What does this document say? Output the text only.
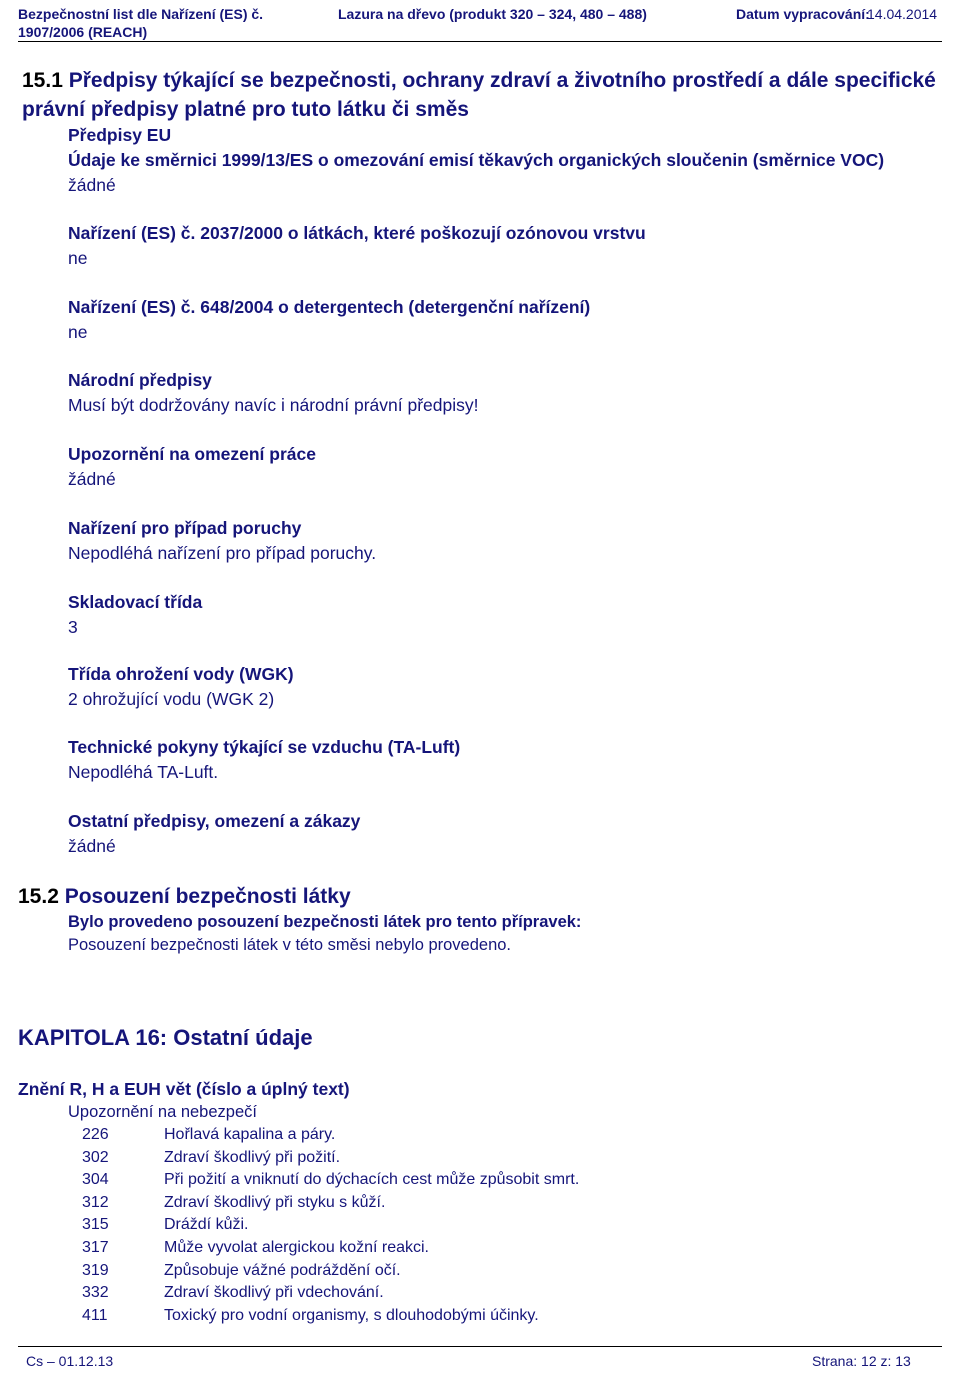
Bezpečnostní list dle Nařízení (ES) č.
1907/2006 (REACH)
Lazura na dřevo (produkt 320 – 324, 480 – 488)	Datum vypracování:
14.04.2014
15.1 Předpisy týkající se bezpečnosti, ochrany zdraví a životního prostředí a dále specifické právní předpisy platné pro tuto látku či směs
Předpisy EU
Údaje ke směrnici 1999/13/ES o omezování emisí těkavých organických sloučenin (směrnice VOC)
žádné
Nařízení (ES) č. 2037/2000 o látkách, které poškozují ozónovou vrstvu
ne
Nařízení (ES) č. 648/2004 o detergentech (detergenční nařízení)
ne
Národní předpisy
Musí být dodržovány navíc i národní právní předpisy!
Upozornění na omezení práce
žádné
Nařízení pro případ poruchy
Nepodléhá nařízení pro případ poruchy.
Skladovací třída
3
Třída ohrožení vody (WGK)
2 ohrožující vodu (WGK 2)
Technické pokyny týkající se vzduchu (TA-Luft)
Nepodléhá TA-Luft.
Ostatní předpisy, omezení a zákazy
žádné
15.2 Posouzení bezpečnosti látky
Bylo provedeno posouzení bezpečnosti látek pro tento přípravek:
Posouzení bezpečnosti látek v této směsi nebylo provedeno.
KAPITOLA 16: Ostatní údaje
Znění R, H a EUH vět (číslo a úplný text)
Upozornění na nebezpečí
226	Hořlavá kapalina a páry.
302	Zdraví škodlivý při požití.
304	Při požití a vniknutí do dýchacích cest může způsobit smrt.
312	Zdraví škodlivý při styku s kůží.
315	Dráždí kůži.
317	Může vyvolat alergickou kožní reakci.
319	Způsobuje vážné podráždění očí.
332	Zdraví škodlivý při vdechování.
411	Toxický pro vodní organismy, s dlouhodobými účinky.
Cs – 01.12.13	Strana: 12 z: 13
